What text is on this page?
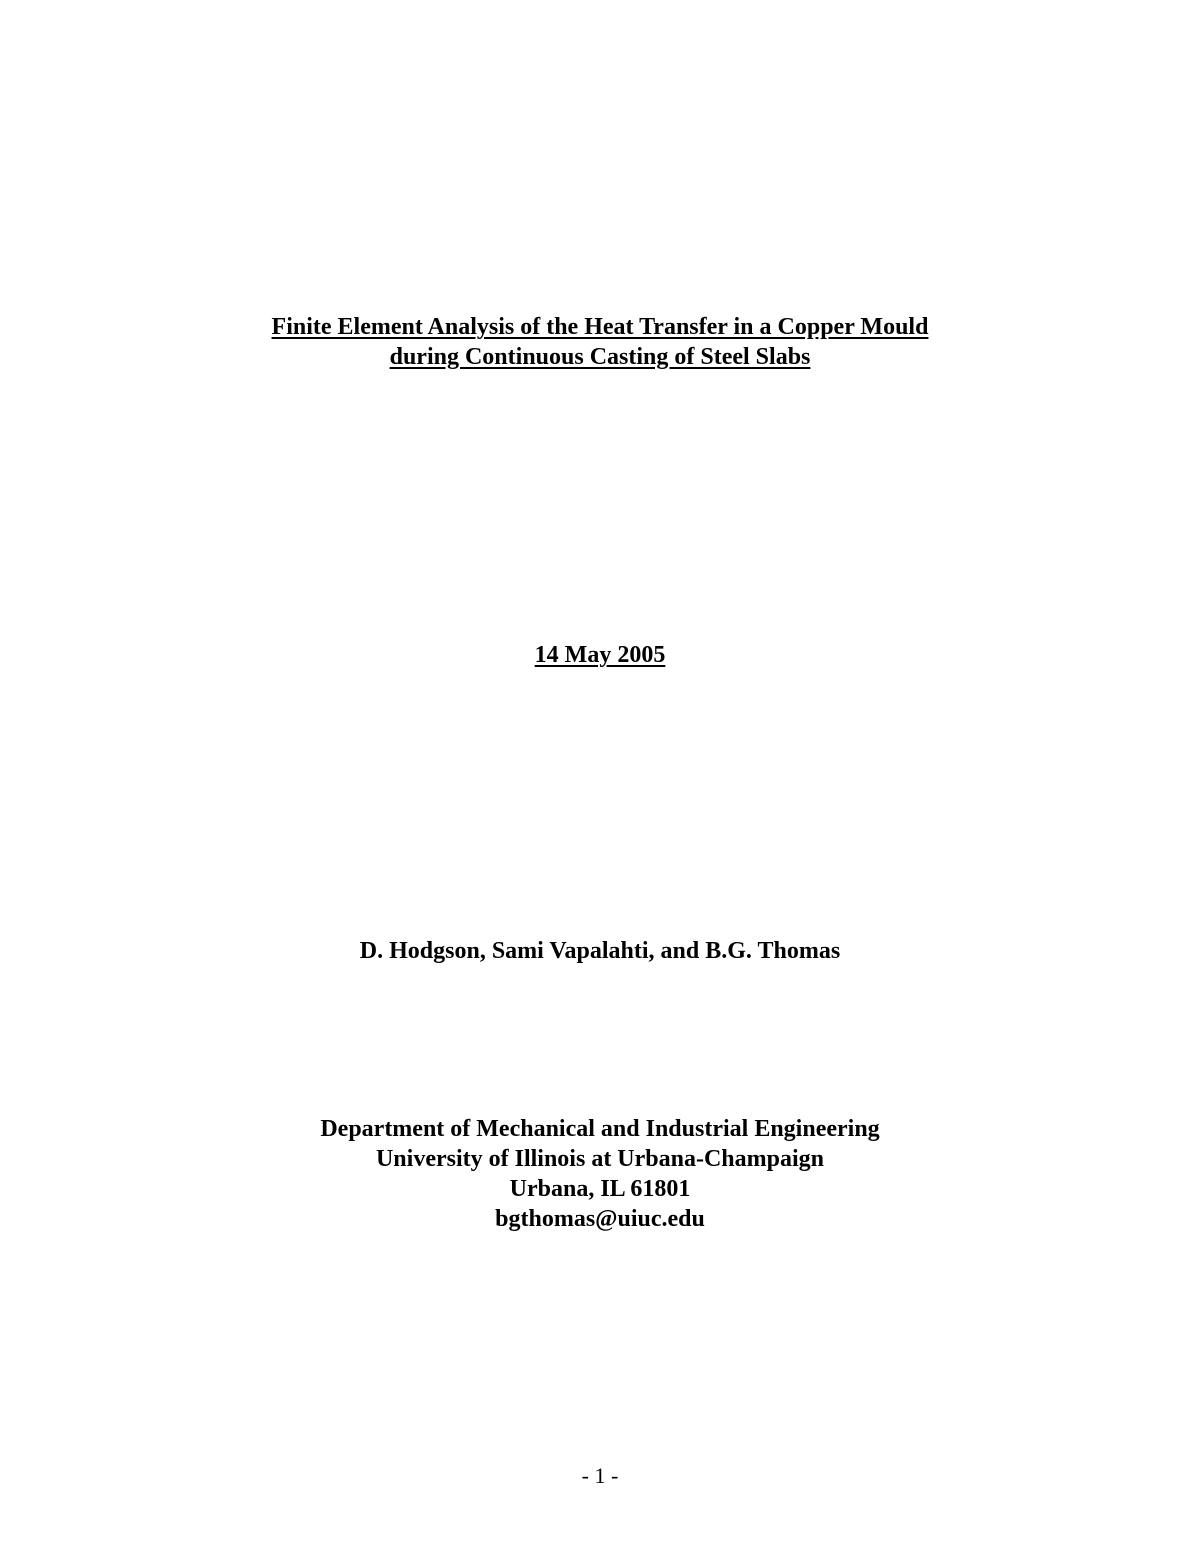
Finite Element Analysis of the Heat Transfer in a Copper Mould
during Continuous Casting of Steel Slabs
14 May 2005
D. Hodgson, Sami Vapalahti, and B.G. Thomas
Department of Mechanical and Industrial Engineering
University of Illinois at Urbana-Champaign
Urbana, IL 61801
bgthomas@uiuc.edu
- 1 -
